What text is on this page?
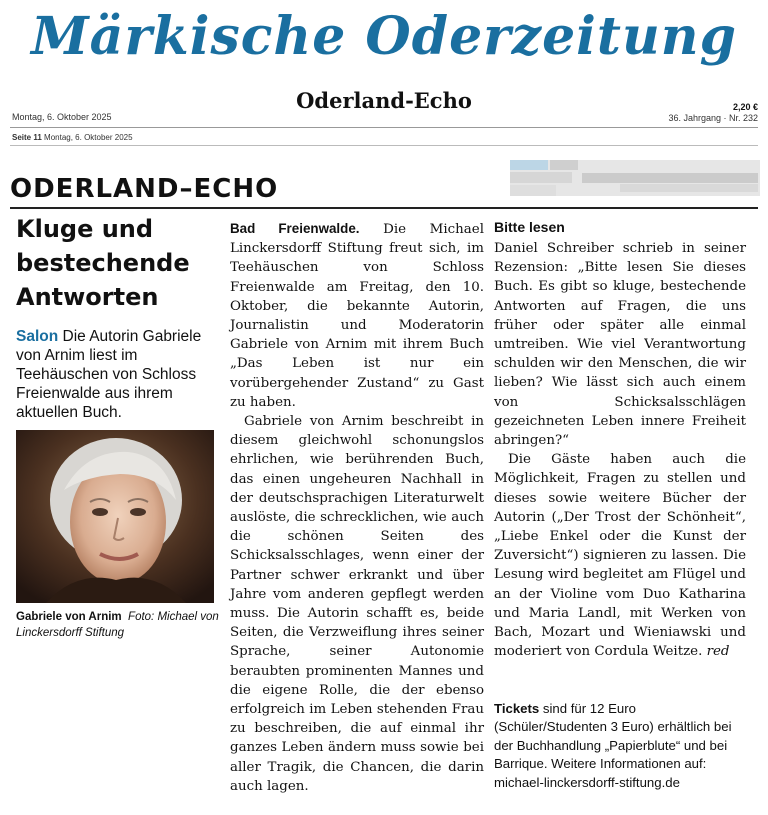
Märkische Oderzeitung
Oderland-Echo
Montag, 6. Oktober 2025
2,20 €
36. Jahrgang · Nr. 232
Seite 11 Montag, 6. Oktober 2025
ODERLAND–ECHO
Kluge und bestechende Antworten
Salon Die Autorin Gabriele von Arnim liest im Teehäuschen von Schloss Freienwalde aus ihrem aktuellen Buch.
Gabriele von Arnim Foto: Michael von Linckersdorff Stiftung

Bad Freienwalde. Die Michael Linckersdorff Stiftung freut sich, im Teehäuschen von Schloss Freienwalde am Freitag, den 10. Oktober, die bekannte Autorin, Journalistin und Moderatorin Gabriele von Arnim mit ihrem Buch „Das Leben ist nur ein vorübergehender Zustand“ zu Gast zu haben.

Gabriele von Arnim beschreibt in diesem gleichwohl schonungslos ehrlichen, wie berührenden Buch, das einen ungeheuren Nachhall in der deutschsprachigen Literaturwelt auslöste, die schrecklichen, wie auch die schönen Seiten des Schicksalsschlages, wenn einer der Partner schwer erkrankt und über Jahre vom anderen gepflegt werden muss. Die Autorin schafft es, beide Seiten, die Verzweiflung ihres seiner Sprache, seiner Autonomie beraubten prominenten Mannes und die eigene Rolle, die der ebenso erfolgreich im Leben stehenden Frau zu beschreiben, die auf einmal ihr ganzes Leben ändern muss sowie bei aller Tragik, die Chancen, die darin auch lagen.

Bitte lesen

Daniel Schreiber schrieb in seiner Rezension: „Bitte lesen Sie dieses Buch. Es gibt so kluge, bestechende Antworten auf Fragen, die uns früher oder später alle einmal umtreiben. Wie viel Verantwortung schulden wir den Menschen, die wir lieben? Wie lässt sich auch einem von Schicksalsschlägen gezeichneten Leben innere Freiheit abringen?“

Die Gäste haben auch die Möglichkeit, Fragen zu stellen und dieses sowie weitere Bücher der Autorin („Der Trost der Schönheit“, „Liebe Enkel oder die Kunst der Zuversicht“) signieren zu lassen. Die Lesung wird begleitet am Flügel und an der Violine vom Duo Katharina und Maria Landl, mit Werken von Bach, Mozart und Wieniawski und moderiert von Cordula Weitze. red

Tickets sind für 12 Euro (Schüler/Studenten 3 Euro) erhältlich bei der Buchhandlung „Papierblute“ und bei Barrique. Weitere Informationen auf: michael-linckersdorff-stiftung.de
